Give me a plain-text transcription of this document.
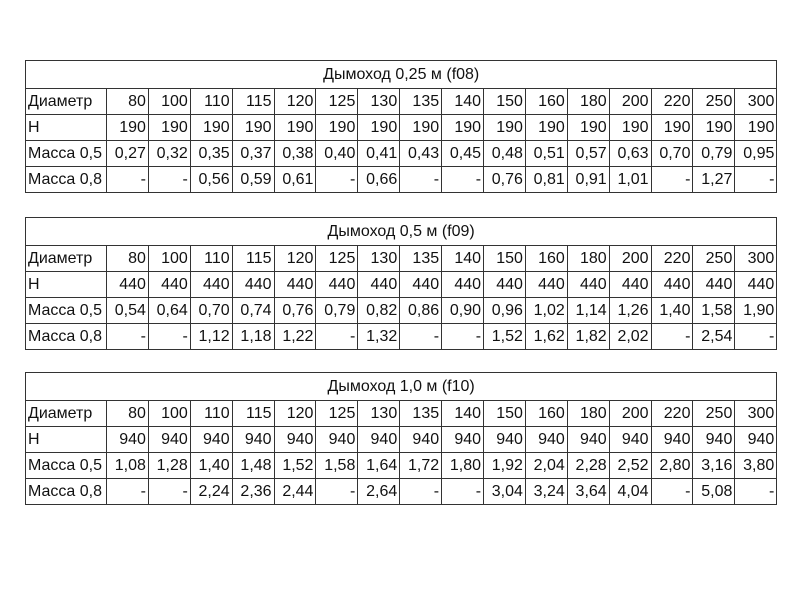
Дымоход 0,25 м (f08)																
Диаметр	80	100	110	115	120	125	130	135	140	150	160	180	200	220	250	300
H	190	190	190	190	190	190	190	190	190	190	190	190	190	190	190	190
Масса 0,5	0,27	0,32	0,35	0,37	0,38	0,40	0,41	0,43	0,45	0,48	0,51	0,57	0,63	0,70	0,79	0,95
Масса 0,8	-	-	0,56	0,59	0,61	-	0,66	-	-	0,76	0,81	0,91	1,01	-	1,27	-
Дымоход 0,5 м (f09)																
Диаметр	80	100	110	115	120	125	130	135	140	150	160	180	200	220	250	300
H	440	440	440	440	440	440	440	440	440	440	440	440	440	440	440	440
Масса 0,5	0,54	0,64	0,70	0,74	0,76	0,79	0,82	0,86	0,90	0,96	1,02	1,14	1,26	1,40	1,58	1,90
Масса 0,8	-	-	1,12	1,18	1,22	-	1,32	-	-	1,52	1,62	1,82	2,02	-	2,54	-
Дымоход 1,0 м (f10)																
Диаметр	80	100	110	115	120	125	130	135	140	150	160	180	200	220	250	300
H	940	940	940	940	940	940	940	940	940	940	940	940	940	940	940	940
Масса 0,5	1,08	1,28	1,40	1,48	1,52	1,58	1,64	1,72	1,80	1,92	2,04	2,28	2,52	2,80	3,16	3,80
Масса 0,8	-	-	2,24	2,36	2,44	-	2,64	-	-	3,04	3,24	3,64	4,04	-	5,08	-
